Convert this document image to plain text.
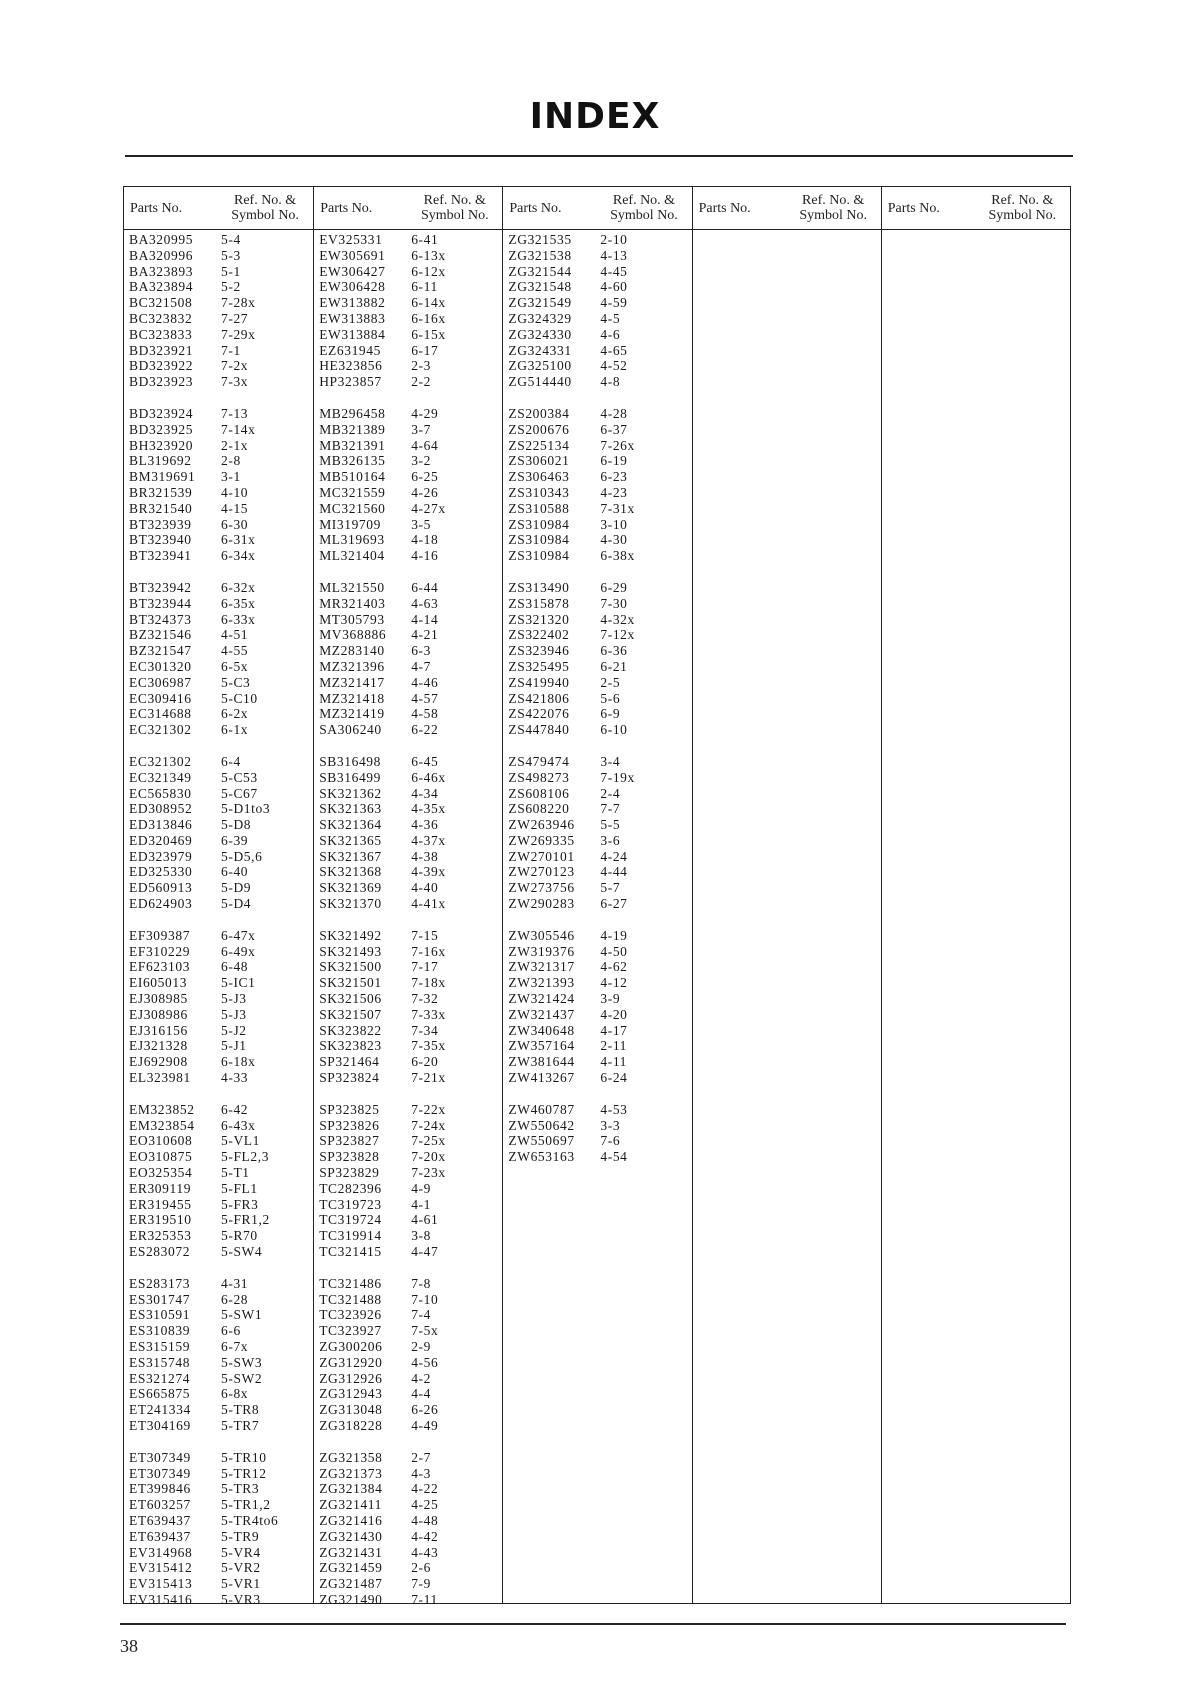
INDEX
Parts No.	Ref. No. &
Symbol No.
BA320995	5-4
BA320996	5-3
BA323893	5-1
BA323894	5-2
BC321508	7-28x
BC323832	7-27
BC323833	7-29x
BD323921	7-1
BD323922	7-2x
BD323923	7-3x
BD323924	7-13
BD323925	7-14x
BH323920	2-1x
BL319692	2-8
BM319691	3-1
BR321539	4-10
BR321540	4-15
BT323939	6-30
BT323940	6-31x
BT323941	6-34x
BT323942	6-32x
BT323944	6-35x
BT324373	6-33x
BZ321546	4-51
BZ321547	4-55
EC301320	6-5x
EC306987	5-C3
EC309416	5-C10
EC314688	6-2x
EC321302	6-1x
EC321302	6-4
EC321349	5-C53
EC565830	5-C67
ED308952	5-D1to3
ED313846	5-D8
ED320469	6-39
ED323979	5-D5,6
ED325330	6-40
ED560913	5-D9
ED624903	5-D4
EF309387	6-47x
EF310229	6-49x
EF623103	6-48
EI605013	5-IC1
EJ308985	5-J3
EJ308986	5-J3
EJ316156	5-J2
EJ321328	5-J1
EJ692908	6-18x
EL323981	4-33
EM323852	6-42
EM323854	6-43x
EO310608	5-VL1
EO310875	5-FL2,3
EO325354	5-T1
ER309119	5-FL1
ER319455	5-FR3
ER319510	5-FR1,2
ER325353	5-R70
ES283072	5-SW4
ES283173	4-31
ES301747	6-28
ES310591	5-SW1
ES310839	6-6
ES315159	6-7x
ES315748	5-SW3
ES321274	5-SW2
ES665875	6-8x
ET241334	5-TR8
ET304169	5-TR7
ET307349	5-TR10
ET307349	5-TR12
ET399846	5-TR3
ET603257	5-TR1,2
ET639437	5-TR4to6
ET639437	5-TR9
EV314968	5-VR4
EV315412	5-VR2
EV315413	5-VR1
EV315416	5-VR3
Parts No.	Ref. No. &
Symbol No.
EV325331	6-41
EW305691	6-13x
EW306427	6-12x
EW306428	6-11
EW313882	6-14x
EW313883	6-16x
EW313884	6-15x
EZ631945	6-17
HE323856	2-3
HP323857	2-2
MB296458	4-29
MB321389	3-7
MB321391	4-64
MB326135	3-2
MB510164	6-25
MC321559	4-26
MC321560	4-27x
MI319709	3-5
ML319693	4-18
ML321404	4-16
ML321550	6-44
MR321403	4-63
MT305793	4-14
MV368886	4-21
MZ283140	6-3
MZ321396	4-7
MZ321417	4-46
MZ321418	4-57
MZ321419	4-58
SA306240	6-22
SB316498	6-45
SB316499	6-46x
SK321362	4-34
SK321363	4-35x
SK321364	4-36
SK321365	4-37x
SK321367	4-38
SK321368	4-39x
SK321369	4-40
SK321370	4-41x
SK321492	7-15
SK321493	7-16x
SK321500	7-17
SK321501	7-18x
SK321506	7-32
SK321507	7-33x
SK323822	7-34
SK323823	7-35x
SP321464	6-20
SP323824	7-21x
SP323825	7-22x
SP323826	7-24x
SP323827	7-25x
SP323828	7-20x
SP323829	7-23x
TC282396	4-9
TC319723	4-1
TC319724	4-61
TC319914	3-8
TC321415	4-47
TC321486	7-8
TC321488	7-10
TC323926	7-4
TC323927	7-5x
ZG300206	2-9
ZG312920	4-56
ZG312926	4-2
ZG312943	4-4
ZG313048	6-26
ZG318228	4-49
ZG321358	2-7
ZG321373	4-3
ZG321384	4-22
ZG321411	4-25
ZG321416	4-48
ZG321430	4-42
ZG321431	4-43
ZG321459	2-6
ZG321487	7-9
ZG321490	7-11
Parts No.	Ref. No. &
Symbol No.
ZG321535	2-10
ZG321538	4-13
ZG321544	4-45
ZG321548	4-60
ZG321549	4-59
ZG324329	4-5
ZG324330	4-6
ZG324331	4-65
ZG325100	4-52
ZG514440	4-8
ZS200384	4-28
ZS200676	6-37
ZS225134	7-26x
ZS306021	6-19
ZS306463	6-23
ZS310343	4-23
ZS310588	7-31x
ZS310984	3-10
ZS310984	4-30
ZS310984	6-38x
ZS313490	6-29
ZS315878	7-30
ZS321320	4-32x
ZS322402	7-12x
ZS323946	6-36
ZS325495	6-21
ZS419940	2-5
ZS421806	5-6
ZS422076	6-9
ZS447840	6-10
ZS479474	3-4
ZS498273	7-19x
ZS608106	2-4
ZS608220	7-7
ZW263946	5-5
ZW269335	3-6
ZW270101	4-24
ZW270123	4-44
ZW273756	5-7
ZW290283	6-27
ZW305546	4-19
ZW319376	4-50
ZW321317	4-62
ZW321393	4-12
ZW321424	3-9
ZW321437	4-20
ZW340648	4-17
ZW357164	2-11
ZW381644	4-11
ZW413267	6-24
ZW460787	4-53
ZW550642	3-3
ZW550697	7-6
ZW653163	4-54
Parts No.	Ref. No. &
Symbol No.	Parts No.	Ref. No. &
Symbol No.
38
